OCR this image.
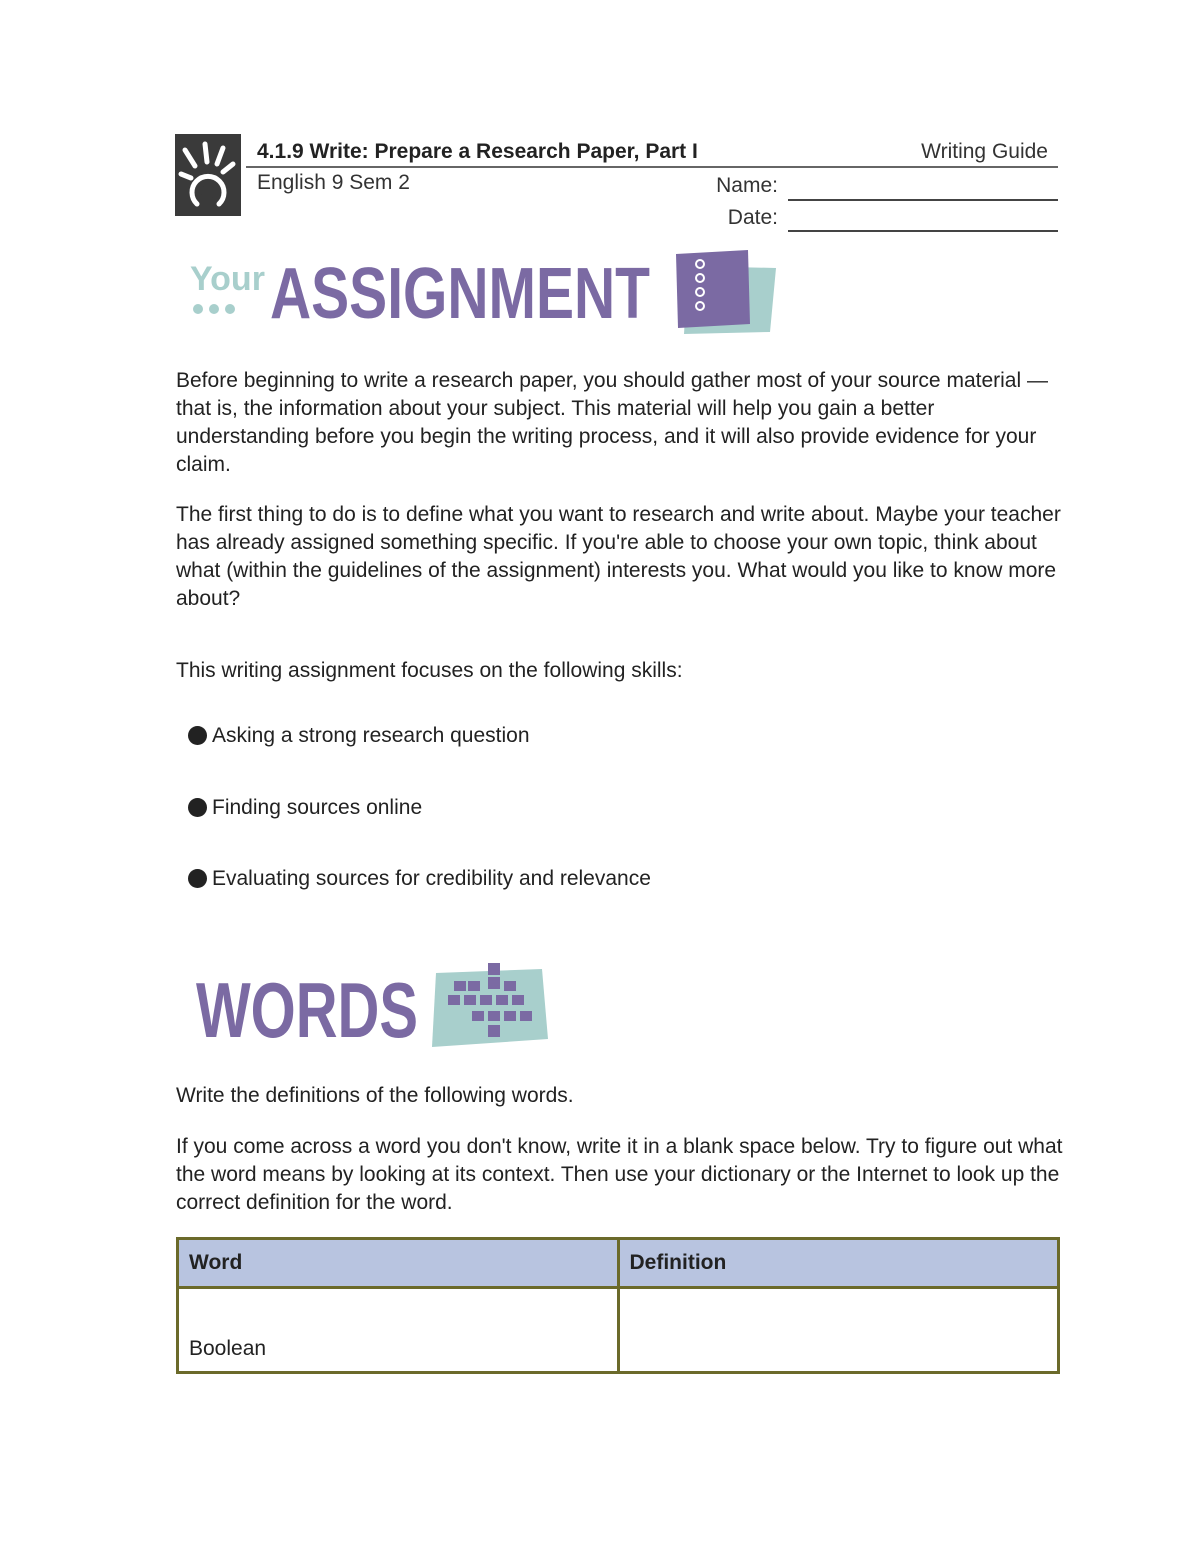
4.1.9 Write: Prepare a Research Paper, Part I	Writing Guide
English 9 Sem 2	Name:
Date:
Your ASSIGNMENT
Before beginning to write a research paper, you should gather most of your source material — that is, the information about your subject. This material will help you gain a better understanding before you begin the writing process, and it will also provide evidence for your claim.
The first thing to do is to define what you want to research and write about. Maybe your teacher has already assigned something specific. If you're able to choose your own topic, think about what (within the guidelines of the assignment) interests you. What would you like to know more about?
This writing assignment focuses on the following skills:
Asking a strong research question
Finding sources online
Evaluating sources for credibility and relevance
WORDS
Write the definitions of the following words.
If you come across a word you don't know, write it in a blank space below. Try to figure out what the word means by looking at its context. Then use your dictionary or the Internet to look up the correct definition for the word.
Word	Definition
Boolean	
